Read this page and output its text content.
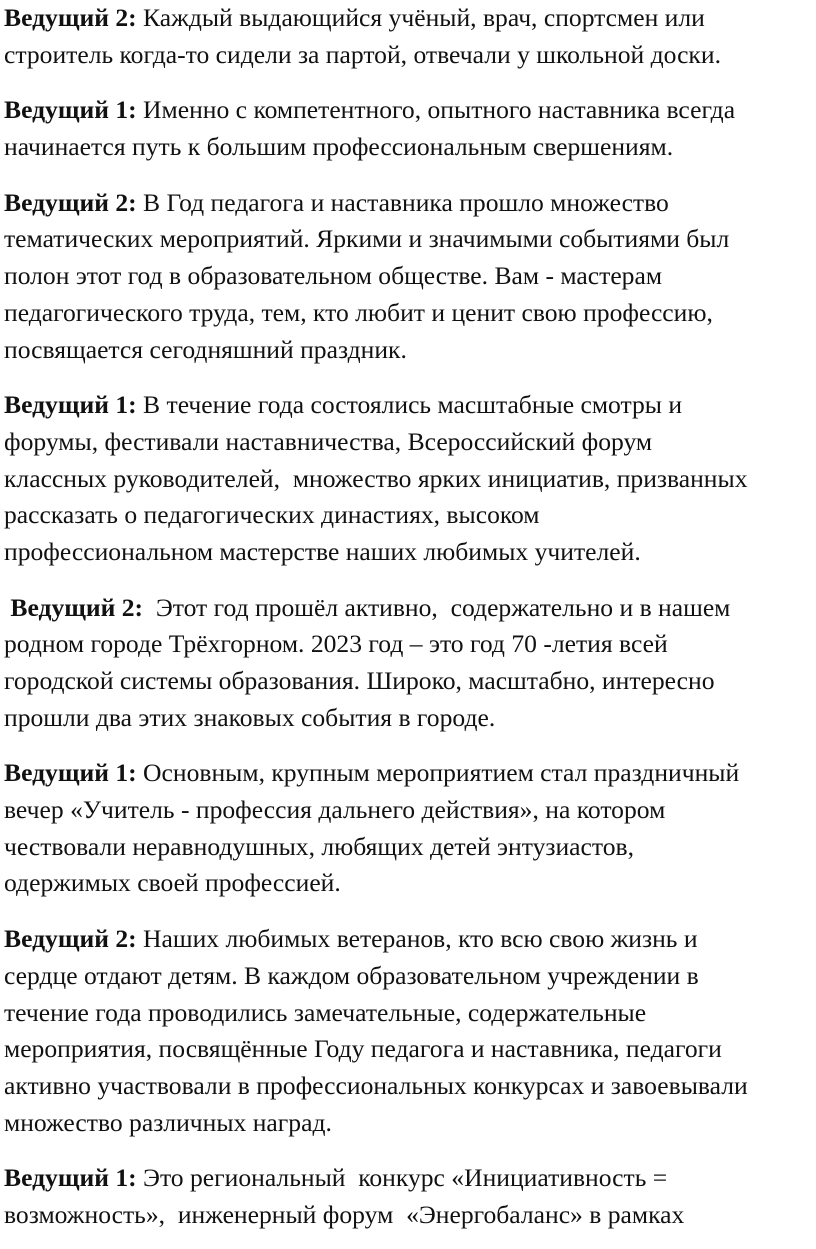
Ведущий 2: Каждый выдающийся учёный, врач, спортсмен или
строитель когда-то сидели за партой, отвечали у школьной доски.
Ведущий 1: Именно с компетентного, опытного наставника всегда
начинается путь к большим профессиональным свершениям.
Ведущий 2: В Год педагога и наставника прошло множество
тематических мероприятий. Яркими и значимыми событиями был
полон этот год в образовательном обществе. Вам - мастерам
педагогического труда, тем, кто любит и ценит свою профессию,
посвящается сегодняшний праздник.
Ведущий 1: В течение года состоялись масштабные смотры и
форумы, фестивали наставничества, Всероссийский форум
классных руководителей,  множество ярких инициатив, призванных
рассказать о педагогических династиях, высоком
профессиональном мастерстве наших любимых учителей.
Ведущий 2:  Этот год прошёл активно,  содержательно и в нашем
родном городе Трёхгорном. 2023 год – это год 70 -летия всей
городской системы образования. Широко, масштабно, интересно
прошли два этих знаковых события в городе.
Ведущий 1: Основным, крупным мероприятием стал праздничный
вечер «Учитель - профессия дальнего действия», на котором
чествовали неравнодушных, любящих детей энтузиастов,
одержимых своей профессией.
Ведущий 2: Наших любимых ветеранов, кто всю свою жизнь и
сердце отдают детям. В каждом образовательном учреждении в
течение года проводились замечательные, содержательные
мероприятия, посвящённые Году педагога и наставника, педагоги
активно участвовали в профессиональных конкурсах и завоевывали
множество различных наград.
Ведущий 1: Это региональный  конкурс «Инициативность =
возможность»,  инженерный форум  «Энергобаланс» в рамках
